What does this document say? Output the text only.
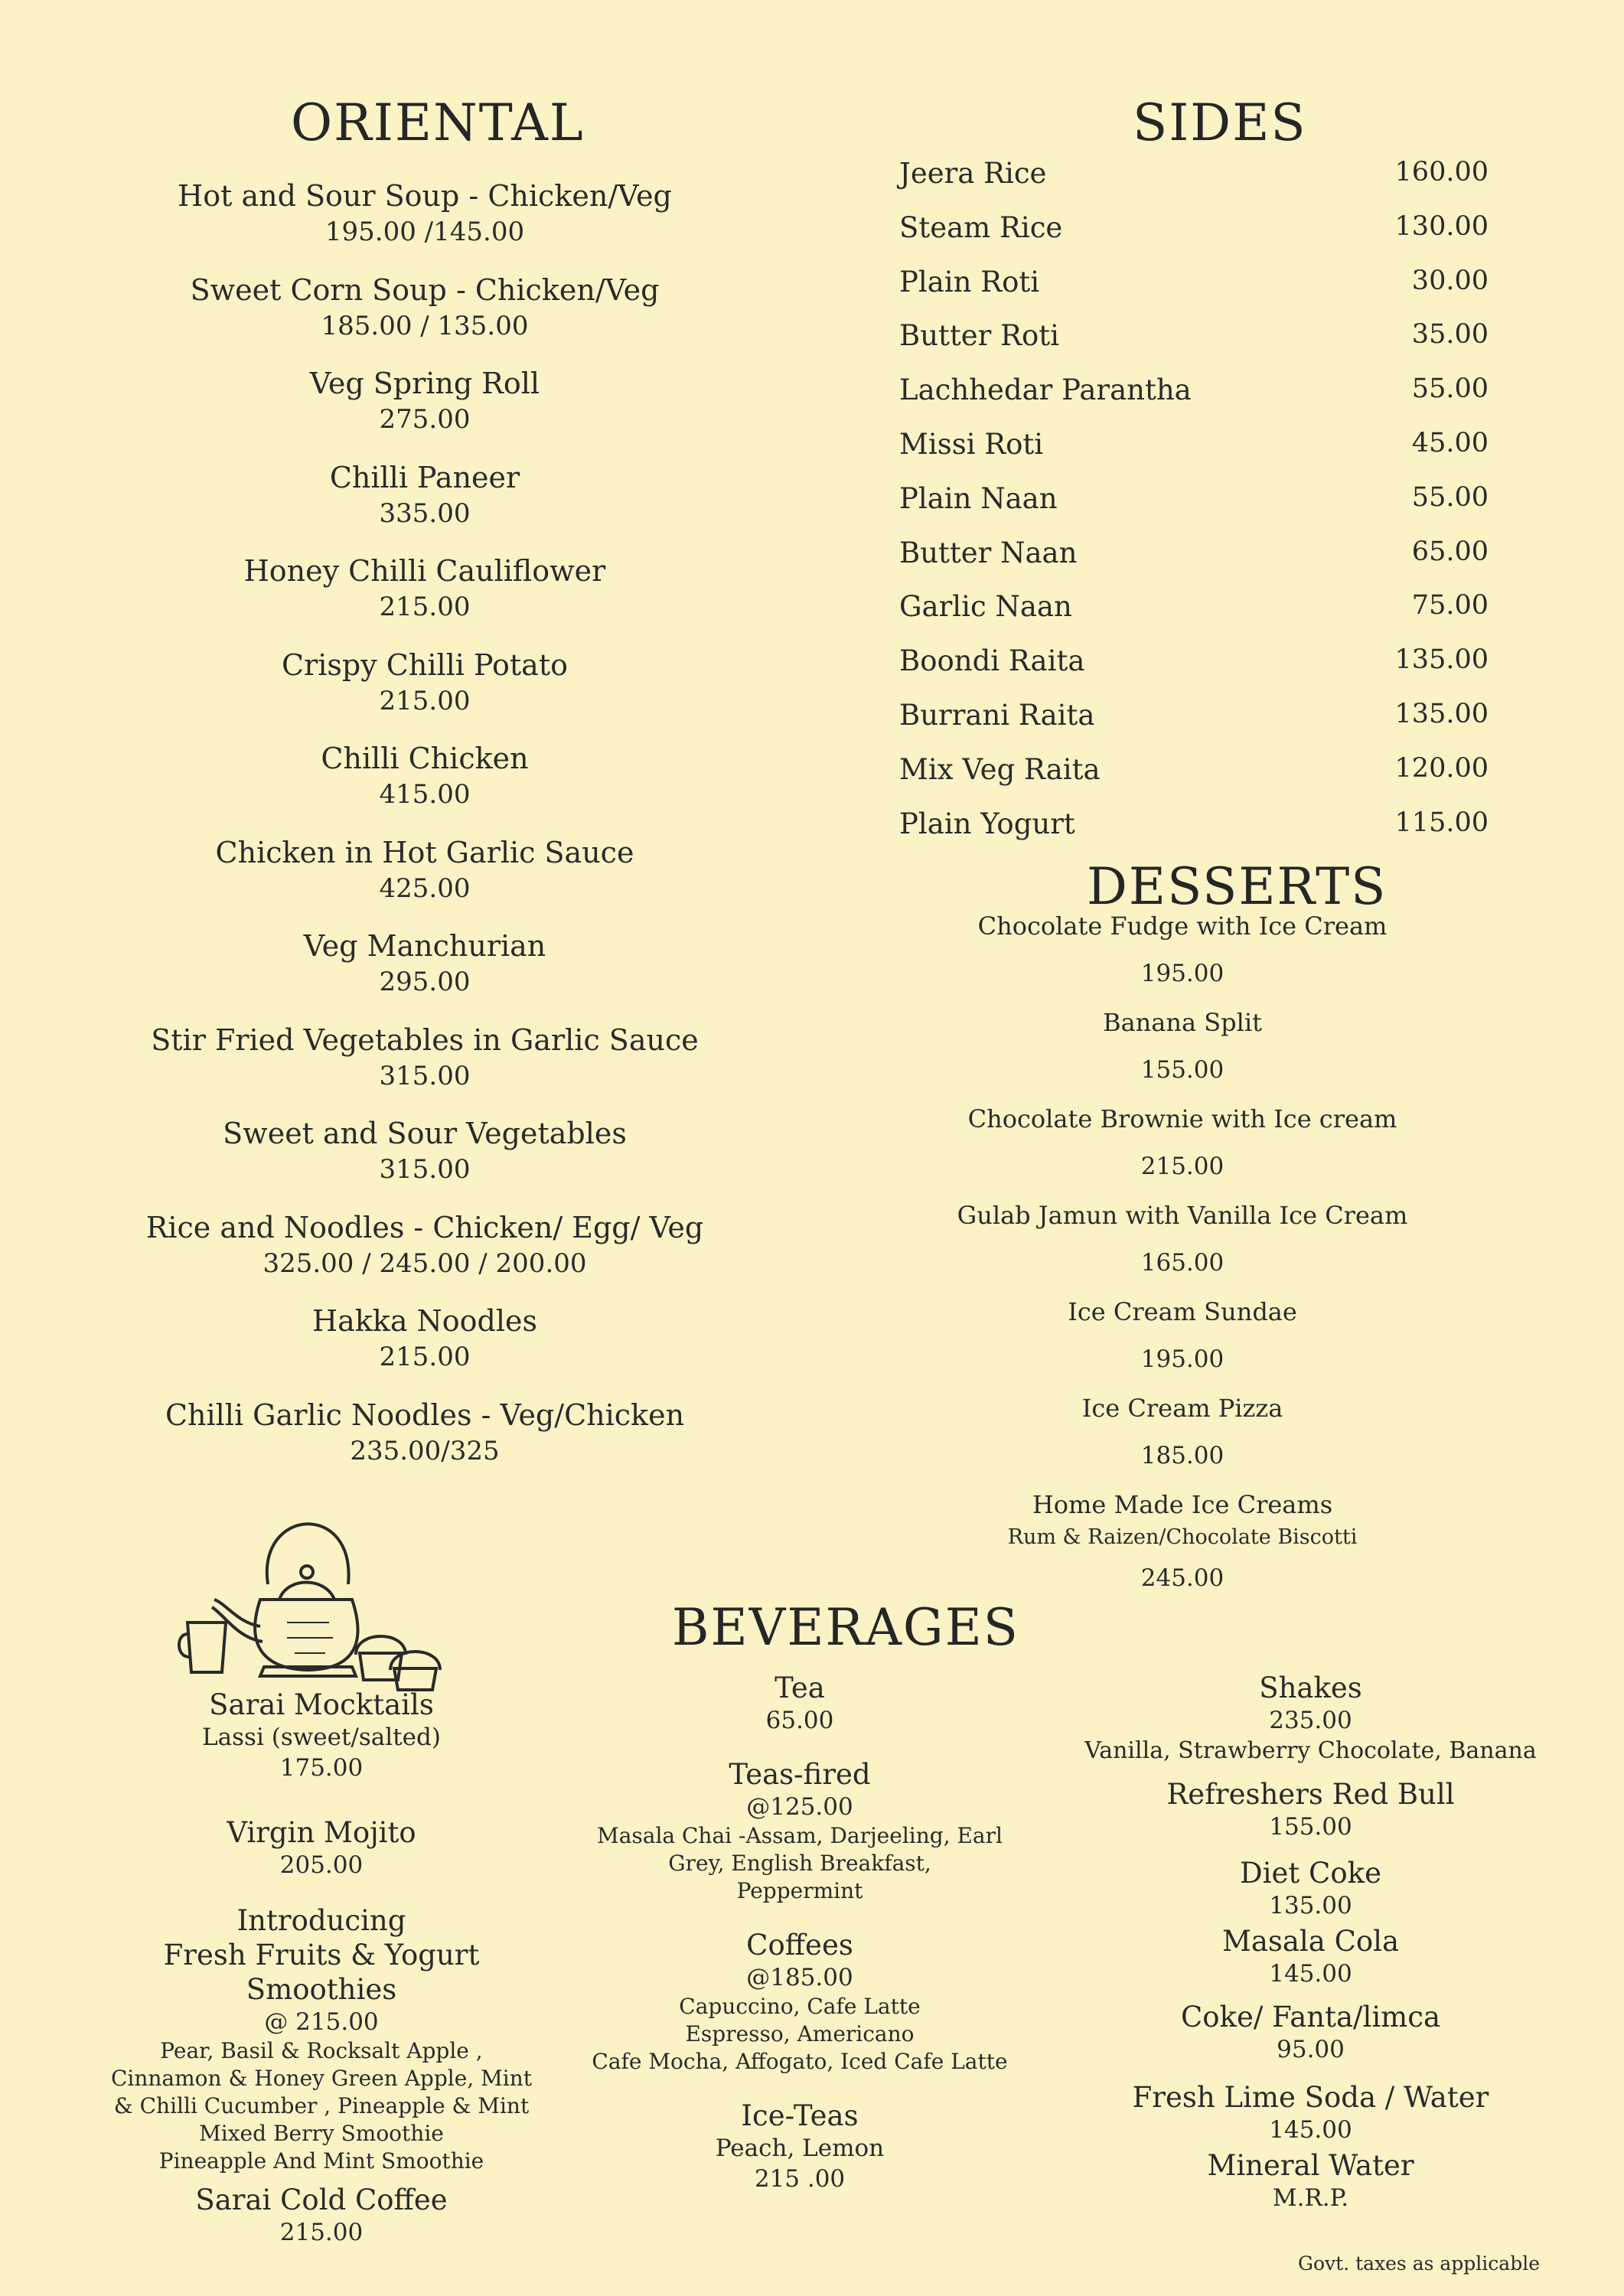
ORIENTAL
Hot and Sour Soup - Chicken/Veg
195.00 /145.00
Sweet Corn Soup - Chicken/Veg
185.00 / 135.00
Veg Spring Roll
275.00
Chilli Paneer
335.00
Honey Chilli Cauliflower
215.00
Crispy Chilli Potato
215.00
Chilli Chicken
415.00
Chicken in Hot Garlic Sauce
425.00
Veg Manchurian
295.00
Stir Fried Vegetables in Garlic Sauce
315.00
Sweet and Sour Vegetables
315.00
Rice and Noodles - Chicken/ Egg/ Veg
325.00 / 245.00 / 200.00
Hakka Noodles
215.00
Chilli Garlic Noodles - Veg/Chicken
235.00/325
SIDES
Jeera Rice	160.00
Steam Rice	130.00
Plain Roti	30.00
Butter Roti	35.00
Lachhedar Parantha	55.00
Missi Roti	45.00
Plain Naan	55.00
Butter Naan	65.00
Garlic Naan	75.00
Boondi Raita	135.00
Burrani Raita	135.00
Mix Veg Raita	120.00
Plain Yogurt	115.00
DESSERTS
Chocolate Fudge with Ice Cream
195.00
Banana Split
155.00
Chocolate Brownie with Ice cream
215.00
Gulab Jamun with Vanilla Ice Cream
165.00
Ice Cream Sundae
195.00
Ice Cream Pizza
185.00
Home Made Ice Creams
Rum & Raizen/Chocolate Biscotti
245.00
BEVERAGES
Sarai Mocktails
Lassi (sweet/salted)
175.00
Virgin Mojito
205.00
Introducing
Fresh Fruits & Yogurt
Smoothies
@ 215.00
Pear, Basil & Rocksalt Apple ,
Cinnamon & Honey Green Apple, Mint
& Chilli Cucumber , Pineapple & Mint
Mixed Berry Smoothie
Pineapple And Mint Smoothie
Sarai Cold Coffee
215.00
Tea
65.00
Teas-fired
@125.00
Masala Chai -Assam, Darjeeling, Earl
Grey, English Breakfast,
Peppermint
Coffees
@185.00
Capuccino, Cafe Latte
Espresso, Americano
Cafe Mocha, Affogato, Iced Cafe Latte
Ice-Teas
Peach, Lemon
215 .00
Shakes
235.00
Vanilla, Strawberry Chocolate, Banana
Refreshers Red Bull
155.00
Diet Coke
135.00
Masala Cola
145.00
Coke/ Fanta/limca
95.00
Fresh Lime Soda / Water
145.00
Mineral Water
M.R.P.
Govt. taxes as applicable
